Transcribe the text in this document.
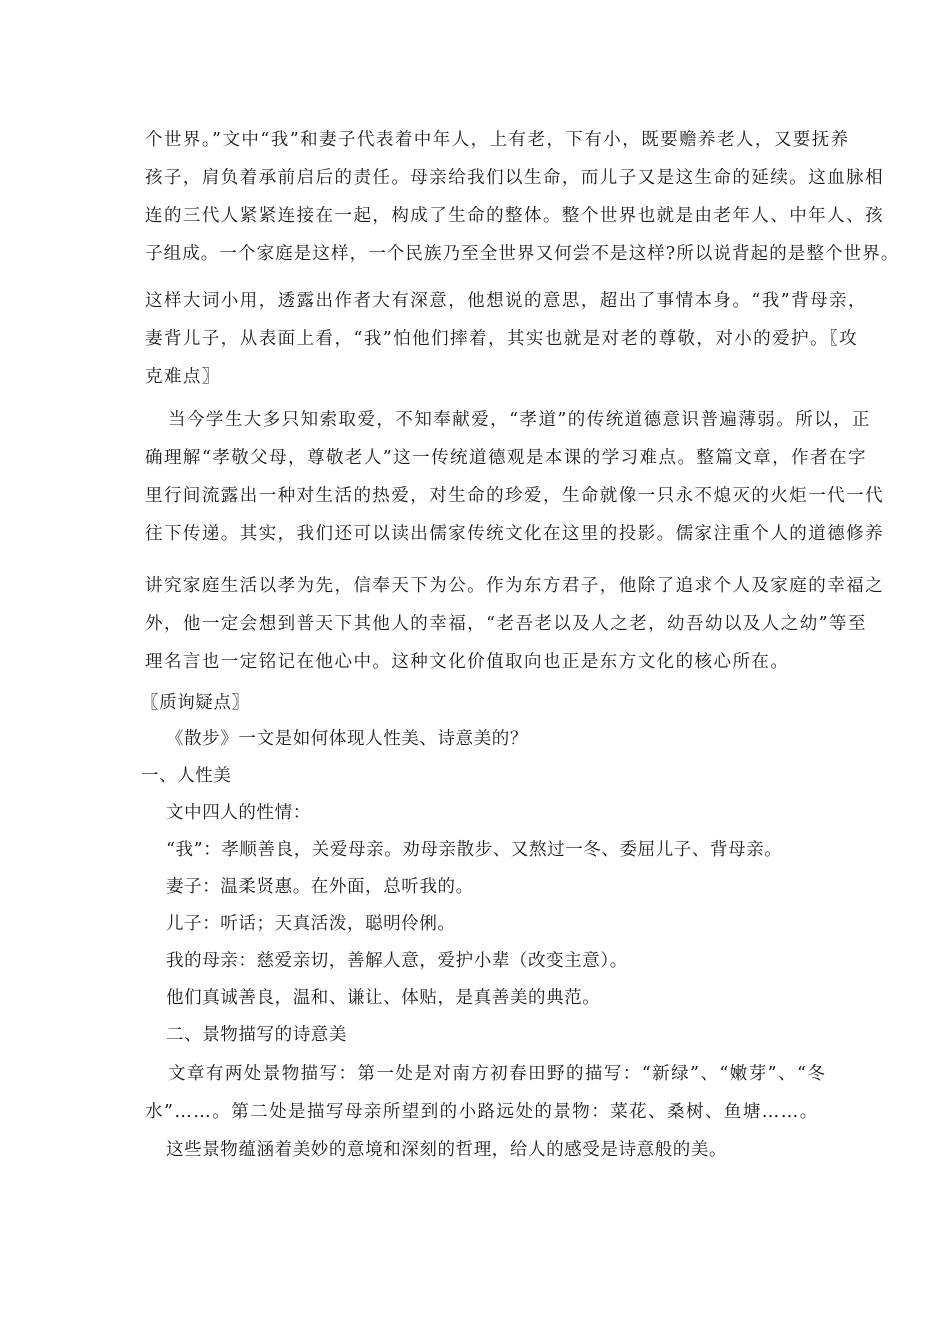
个世界。”文中“我”和妻子代表着中年人，上有老，下有小，既要赡养老人，又要抚养
孩子，肩负着承前启后的责任。母亲给我们以生命，而儿子又是这生命的延续。这血脉相
连的三代人紧紧连接在一起，构成了生命的整体。整个世界也就是由老年人、中年人、孩
子组成。一个家庭是这样，一个民族乃至全世界又何尝不是这样?所以说背起的是整个世界。
这样大词小用，透露出作者大有深意，他想说的意思，超出了事情本身。“我”背母亲，
妻背儿子，从表面上看，“我”怕他们摔着，其实也就是对老的尊敬，对小的爱护。〖攻
克难点〗
当今学生大多只知索取爱，不知奉献爱，“孝道”的传统道德意识普遍薄弱。所以，正
确理解“孝敬父母，尊敬老人”这一传统道德观是本课的学习难点。整篇文章，作者在字
里行间流露出一种对生活的热爱，对生命的珍爱，生命就像一只永不熄灭的火炬一代一代
往下传递。其实，我们还可以读出儒家传统文化在这里的投影。儒家注重个人的道德修养
讲究家庭生活以孝为先，信奉天下为公。作为东方君子，他除了追求个人及家庭的幸福之
外，他一定会想到普天下其他人的幸福，“老吾老以及人之老，幼吾幼以及人之幼”等至
理名言也一定铭记在他心中。这种文化价值取向也正是东方文化的核心所在。
〖质询疑点〗
《散步》一文是如何体现人性美、诗意美的？
一、人性美
文中四人的性情：
“我”：孝顺善良，关爱母亲。劝母亲散步、又熬过一冬、委屈儿子、背母亲。
妻子：温柔贤惠。在外面，总听我的。
儿子：听话；天真活泼，聪明伶俐。
我的母亲：慈爱亲切，善解人意，爱护小辈（改变主意）。
他们真诚善良，温和、谦让、体贴，是真善美的典范。
二、景物描写的诗意美
文章有两处景物描写：第一处是对南方初春田野的描写：“新绿”、“嫩芽”、“冬
水”……。第二处是描写母亲所望到的小路远处的景物：菜花、桑树、鱼塘……。
这些景物蕴涵着美妙的意境和深刻的哲理，给人的感受是诗意般的美。
